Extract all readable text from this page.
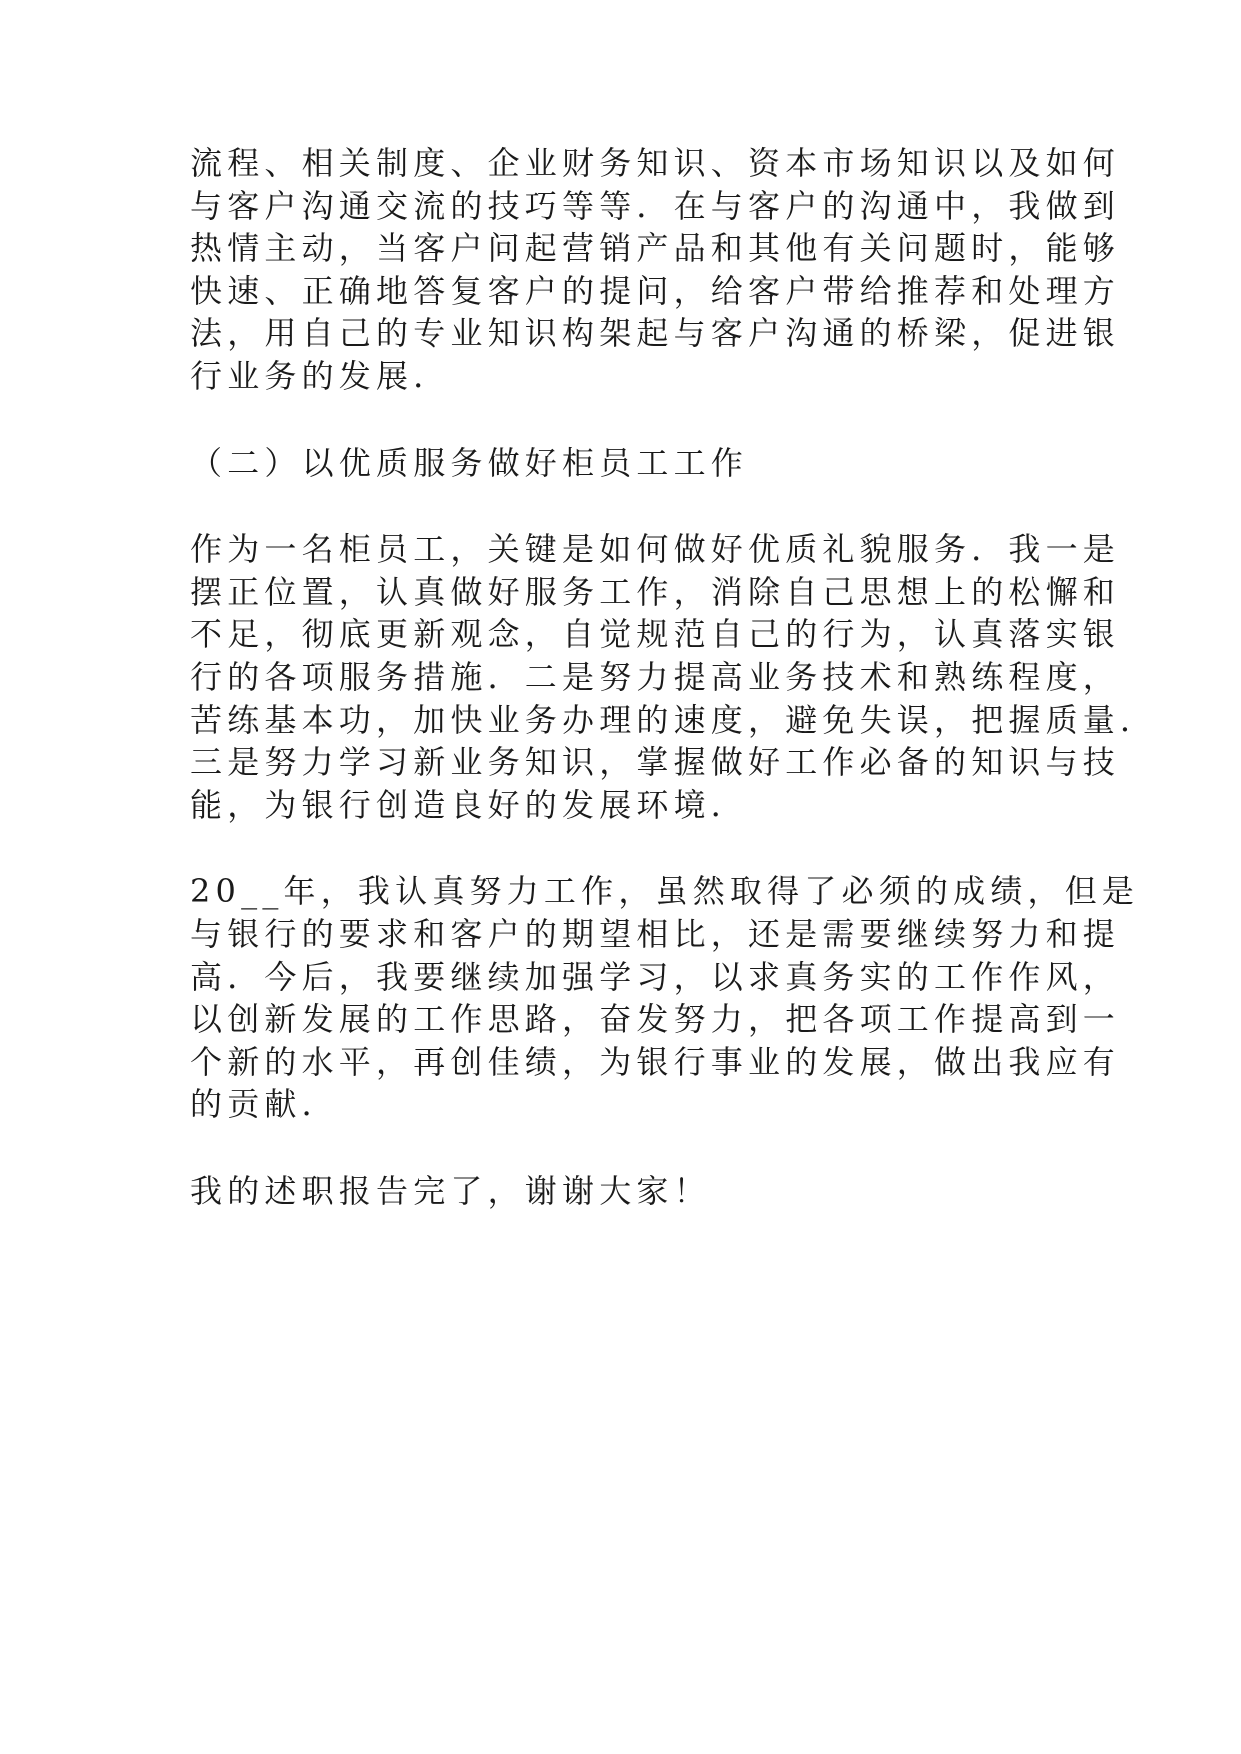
流程、相关制度、企业财务知识、资本市场知识以及如何
与客户沟通交流的技巧等等．在与客户的沟通中，我做到
热情主动，当客户问起营销产品和其他有关问题时，能够
快速、正确地答复客户的提问，给客户带给推荐和处理方
法，用自己的专业知识构架起与客户沟通的桥梁，促进银
行业务的发展．
（二）以优质服务做好柜员工工作
作为一名柜员工，关键是如何做好优质礼貌服务．我一是
摆正位置，认真做好服务工作，消除自己思想上的松懈和
不足，彻底更新观念，自觉规范自己的行为，认真落实银
行的各项服务措施．二是努力提高业务技术和熟练程度，
苦练基本功，加快业务办理的速度，避免失误，把握质量．
三是努力学习新业务知识，掌握做好工作必备的知识与技
能，为银行创造良好的发展环境．
20__年，我认真努力工作，虽然取得了必须的成绩，但是
与银行的要求和客户的期望相比，还是需要继续努力和提
高．今后，我要继续加强学习，以求真务实的工作作风，
以创新发展的工作思路，奋发努力，把各项工作提高到一
个新的水平，再创佳绩，为银行事业的发展，做出我应有
的贡献．
我的述职报告完了，谢谢大家！
